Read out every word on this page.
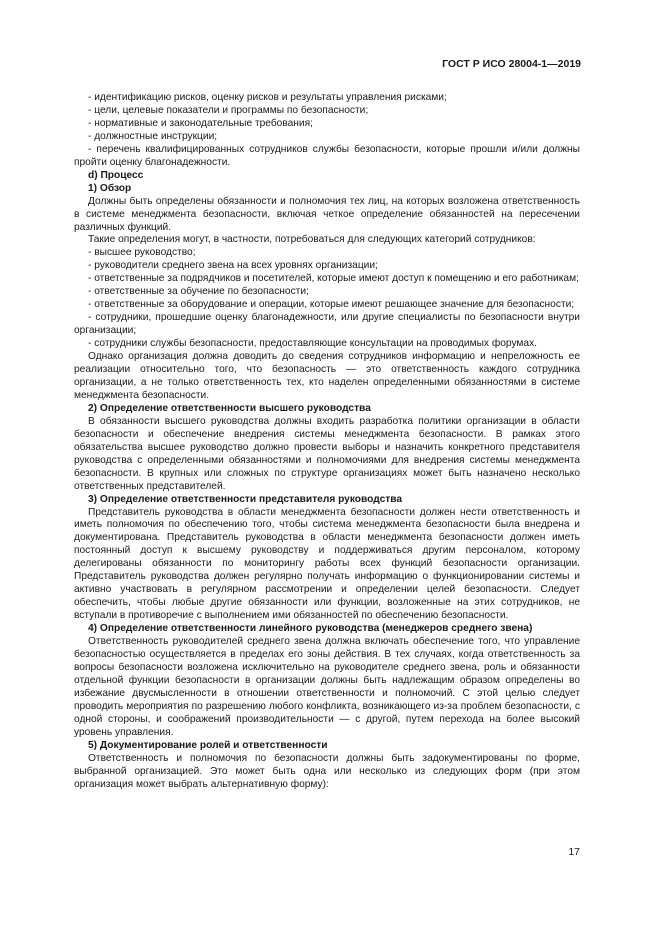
ГОСТ Р ИСО 28004-1—2019

- идентификацию рисков, оценку рисков и результаты управления рисками;

- цели, целевые показатели и программы по безопасности;

- нормативные и законодательные требования;

- должностные инструкции;

- перечень квалифицированных сотрудников службы безопасности, которые прошли и/или должны пройти оценку благонадежности.

d) Процесс

1) Обзор

Должны быть определены обязанности и полномочия тех лиц, на которых возложена ответственность в системе менеджмента безопасности, включая четкое определение обязанностей на пересечении различных функций.

Такие определения могут, в частности, потребоваться для следующих категорий сотрудников:

- высшее руководство;

- руководители среднего звена на всех уровнях организации;

- ответственные за подрядчиков и посетителей, которые имеют доступ к помещению и его работникам;

- ответственные за обучение по безопасности;

- ответственные за оборудование и операции, которые имеют решающее значение для безопасности;

- сотрудники, прошедшие оценку благонадежности, или другие специалисты по безопасности внутри организации;

- сотрудники службы безопасности, предоставляющие консультации на проводимых форумах.

Однако организация должна доводить до сведения сотрудников информацию и непреложность ее реализации относительно того, что безопасность — это ответственность каждого сотрудника организации, а не только ответственность тех, кто наделен определенными обязанностями в системе менеджмента безопасности.

2) Определение ответственности высшего руководства

В обязанности высшего руководства должны входить разработка политики организации в области безопасности и обеспечение внедрения системы менеджмента безопасности. В рамках этого обязательства высшее руководство должно провести выборы и назначить конкретного представителя руководства с определенными обязанностями и полномочиями для внедрения системы менеджмента безопасности. В крупных или сложных по структуре организациях может быть назначено несколько ответственных представителей.

3) Определение ответственности представителя руководства

Представитель руководства в области менеджмента безопасности должен нести ответственность и иметь полномочия по обеспечению того, чтобы система менеджмента безопасности была внедрена и документирована. Представитель руководства в области менеджмента безопасности должен иметь постоянный доступ к высшему руководству и поддерживаться другим персоналом, которому делегированы обязанности по мониторингу работы всех функций безопасности организации. Представитель руководства должен регулярно получать информацию о функционировании системы и активно участвовать в регулярном рассмотрении и определении целей безопасности. Следует обеспечить, чтобы любые другие обязанности или функции, возложенные на этих сотрудников, не вступали в противоречие с выполнением ими обязанностей по обеспечению безопасности.

4) Определение ответственности линейного руководства (менеджеров среднего звена)

Ответственность руководителей среднего звена должна включать обеспечение того, что управление безопасностью осуществляется в пределах его зоны действия. В тех случаях, когда ответственность за вопросы безопасности возложена исключительно на руководителе среднего звена, роль и обязанности отдельной функции безопасности в организации должны быть надлежащим образом определены во избежание двусмысленности в отношении ответственности и полномочий. С этой целью следует проводить мероприятия по разрешению любого конфликта, возникающего из-за проблем безопасности, с одной стороны, и соображений производительности — с другой, путем перехода на более высокий уровень управления.

5) Документирование ролей и ответственности

Ответственность и полномочия по безопасности должны быть задокументированы по форме, выбранной организацией. Это может быть одна или несколько из следующих форм (при этом организация может выбрать альтернативную форму):

17
